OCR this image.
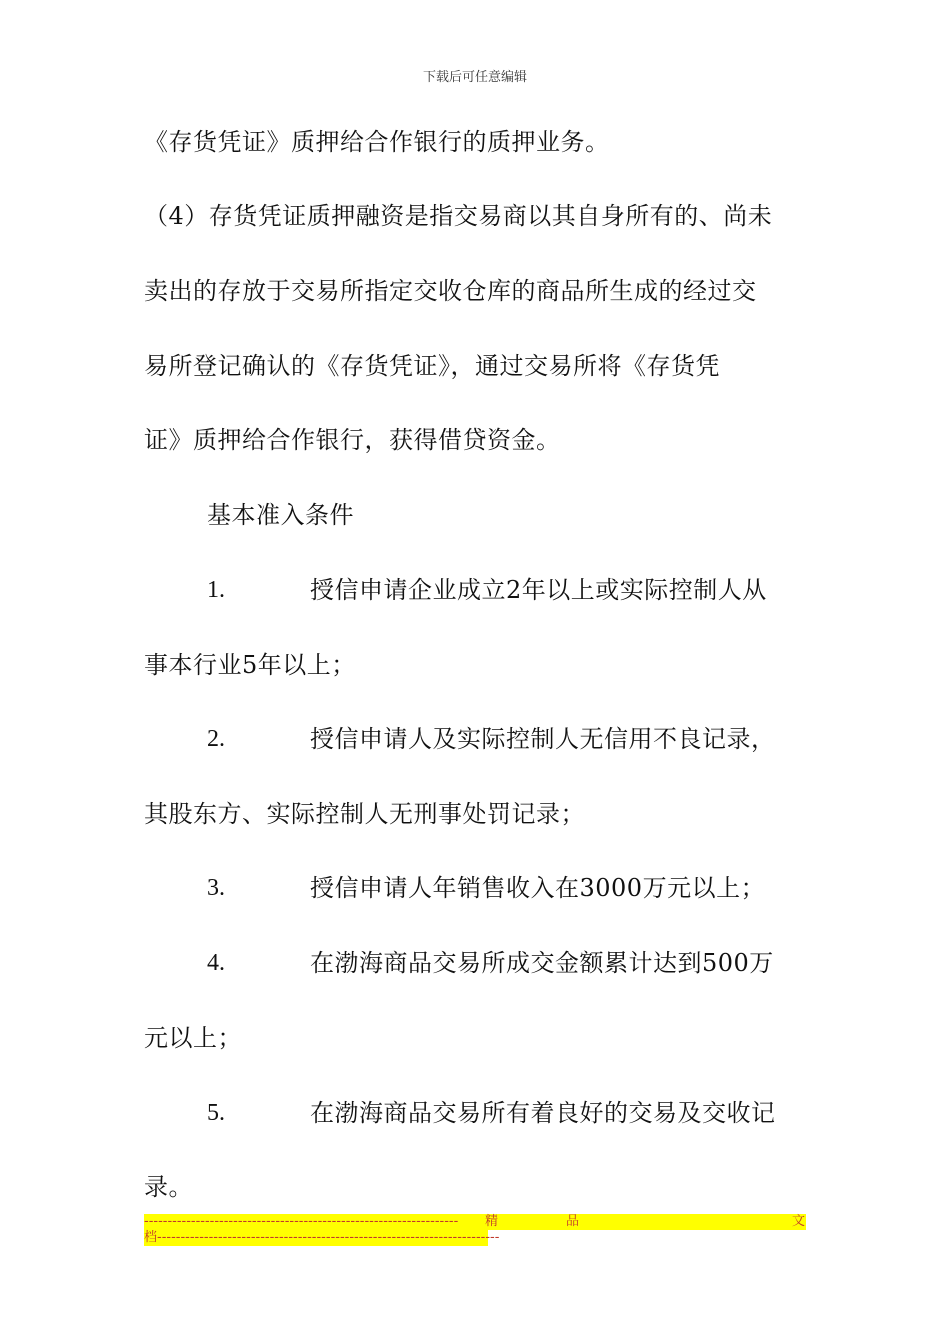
下载后可任意编辑
《存货凭证》质押给合作银行的质押业务。
（4）存货凭证质押融资是指交易商以其自身所有的、尚未
卖出的存放于交易所指定交收仓库的商品所生成的经过交
易所登记确认的《存货凭证》，通过交易所将《存货凭
证》质押给合作银行，获得借贷资金。
基本准入条件
1.	授信申请企业成立2年以上或实际控制人从
事本行业5年以上；
2.	授信申请人及实际控制人无信用不良记录，
其股东方、实际控制人无刑事处罚记录；
3.	授信申请人年销售收入在3000万元以上；
4.	在渤海商品交易所成交金额累计达到500万
元以上；
5.	在渤海商品交易所有着良好的交易及交收记
录。
------------------------------------------------------------------- 精	品	文
档-------------------------------------------------------------------------
